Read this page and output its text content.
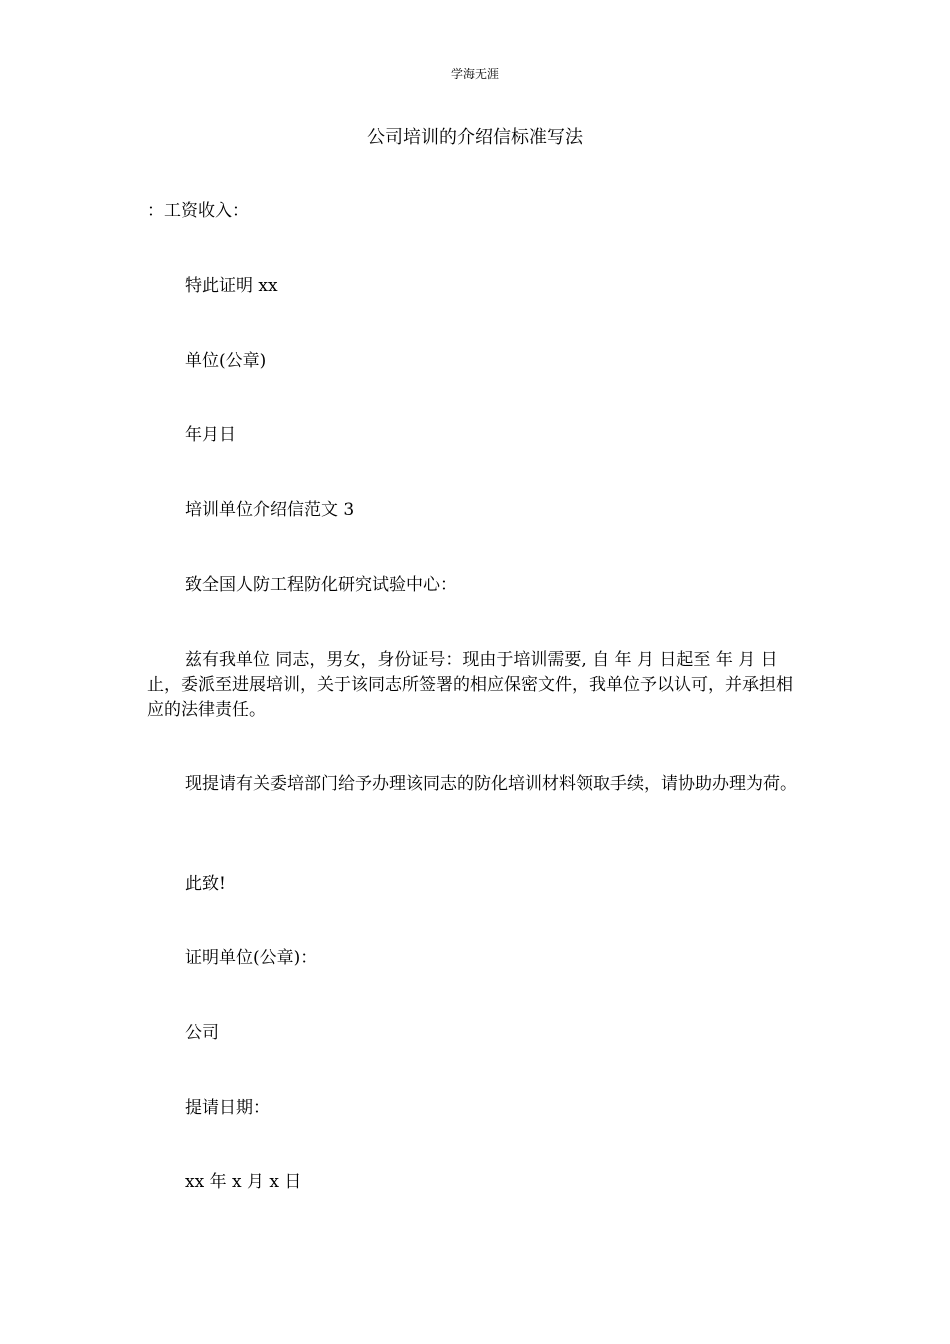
学海无涯
公司培训的介绍信标准写法
：工资收入：
特此证明 xx
单位(公章)
年月日
培训单位介绍信范文 3
致全国人防工程防化研究试验中心：
兹有我单位 同志，男女，身份证号：现由于培训需要, 自 年 月 日起至 年 月 日止，委派至进展培训，关于该同志所签署的相应保密文件，我单位予以认可，并承担相应的法律责任。
现提请有关委培部门给予办理该同志的防化培训材料领取手续，请协助办理为荷。
此致!
证明单位(公章)：
公司
提请日期：
xx 年 x 月 x 日
